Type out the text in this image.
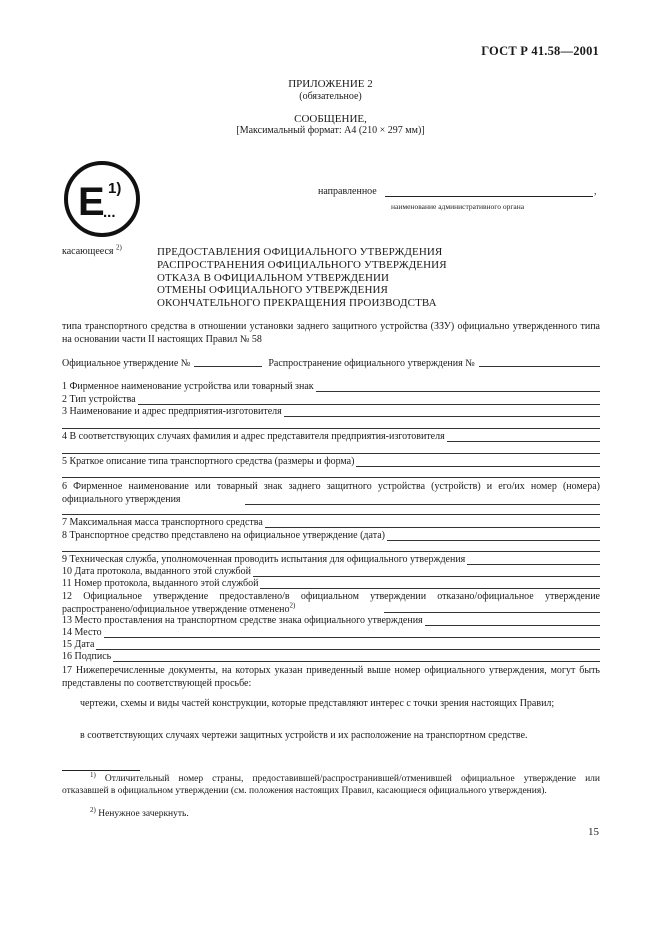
ГОСТ Р 41.58—2001
ПРИЛОЖЕНИЕ 2
(обязательное)
СООБЩЕНИЕ,
[Максимальный формат: А4 (210 × 297 мм)]
E
...
1)	направленное	,
наименование административного органа
касающееся $^{2)}$	ПРЕДОСТАВЛЕНИЯ ОФИЦИАЛЬНОГО УТВЕРЖДЕНИЯ
РАСПРОСТРАНЕНИЯ ОФИЦИАЛЬНОГО УТВЕРЖДЕНИЯ
ОТКАЗА В ОФИЦИАЛЬНОМ УТВЕРЖДЕНИИ
ОТМЕНЫ ОФИЦИАЛЬНОГО УТВЕРЖДЕНИЯ
ОКОНЧАТЕЛЬНОГО ПРЕКРАЩЕНИЯ ПРОИЗВОДСТВА
типа транспортного средства в отношении установки заднего защитного устройства (ЗЗУ) официально утвержденного типа на основании части II настоящих Правил № 58
Официальное утверждение №	Распространение официального утверждения №
1 Фирменное наименование устройства или товарный знак
2 Тип устройства
3 Наименование и адрес предприятия-изготовителя
4 В соответствующих случаях фамилия и адрес представителя предприятия-изготовителя
5 Краткое описание типа транспортного средства (размеры и форма)
6 Фирменное наименование или товарный знак заднего защитного устройства (устройств) и его/их номер (номера) официального утверждения
7 Максимальная масса транспортного средства
8 Транспортное средство представлено на официальное утверждение (дата)
9 Техническая служба, уполномоченная проводить испытания для официального утверждения
10 Дата протокола, выданного этой службой
11 Номер протокола, выданного этой службой
12 Официальное утверждение предоставлено/в официальном утверждении отказано/официальное утверждение распространено/официальное утверждение отменено$^{2)}$
13 Место проставления на транспортном средстве знака официального утверждения
14 Место
15 Дата
16 Подпись
17 Нижеперечисленные документы, на которых указан приведенный выше номер официального утверждения, могут быть представлены по соответствующей просьбе:
чертежи, схемы и виды частей конструкции, которые представляют интерес с точки зрения настоящих Правил;
в соответствующих случаях чертежи защитных устройств и их расположение на транспортном средстве.
$^{1)}$ Отличительный номер страны, предоставившей/распространившей/отменившей официальное утверждение или отказавшей в официальном утверждении (см. положения настоящих Правил, касающиеся официального утверждения).
$^{2)}$ Ненужное зачеркнуть.
15
